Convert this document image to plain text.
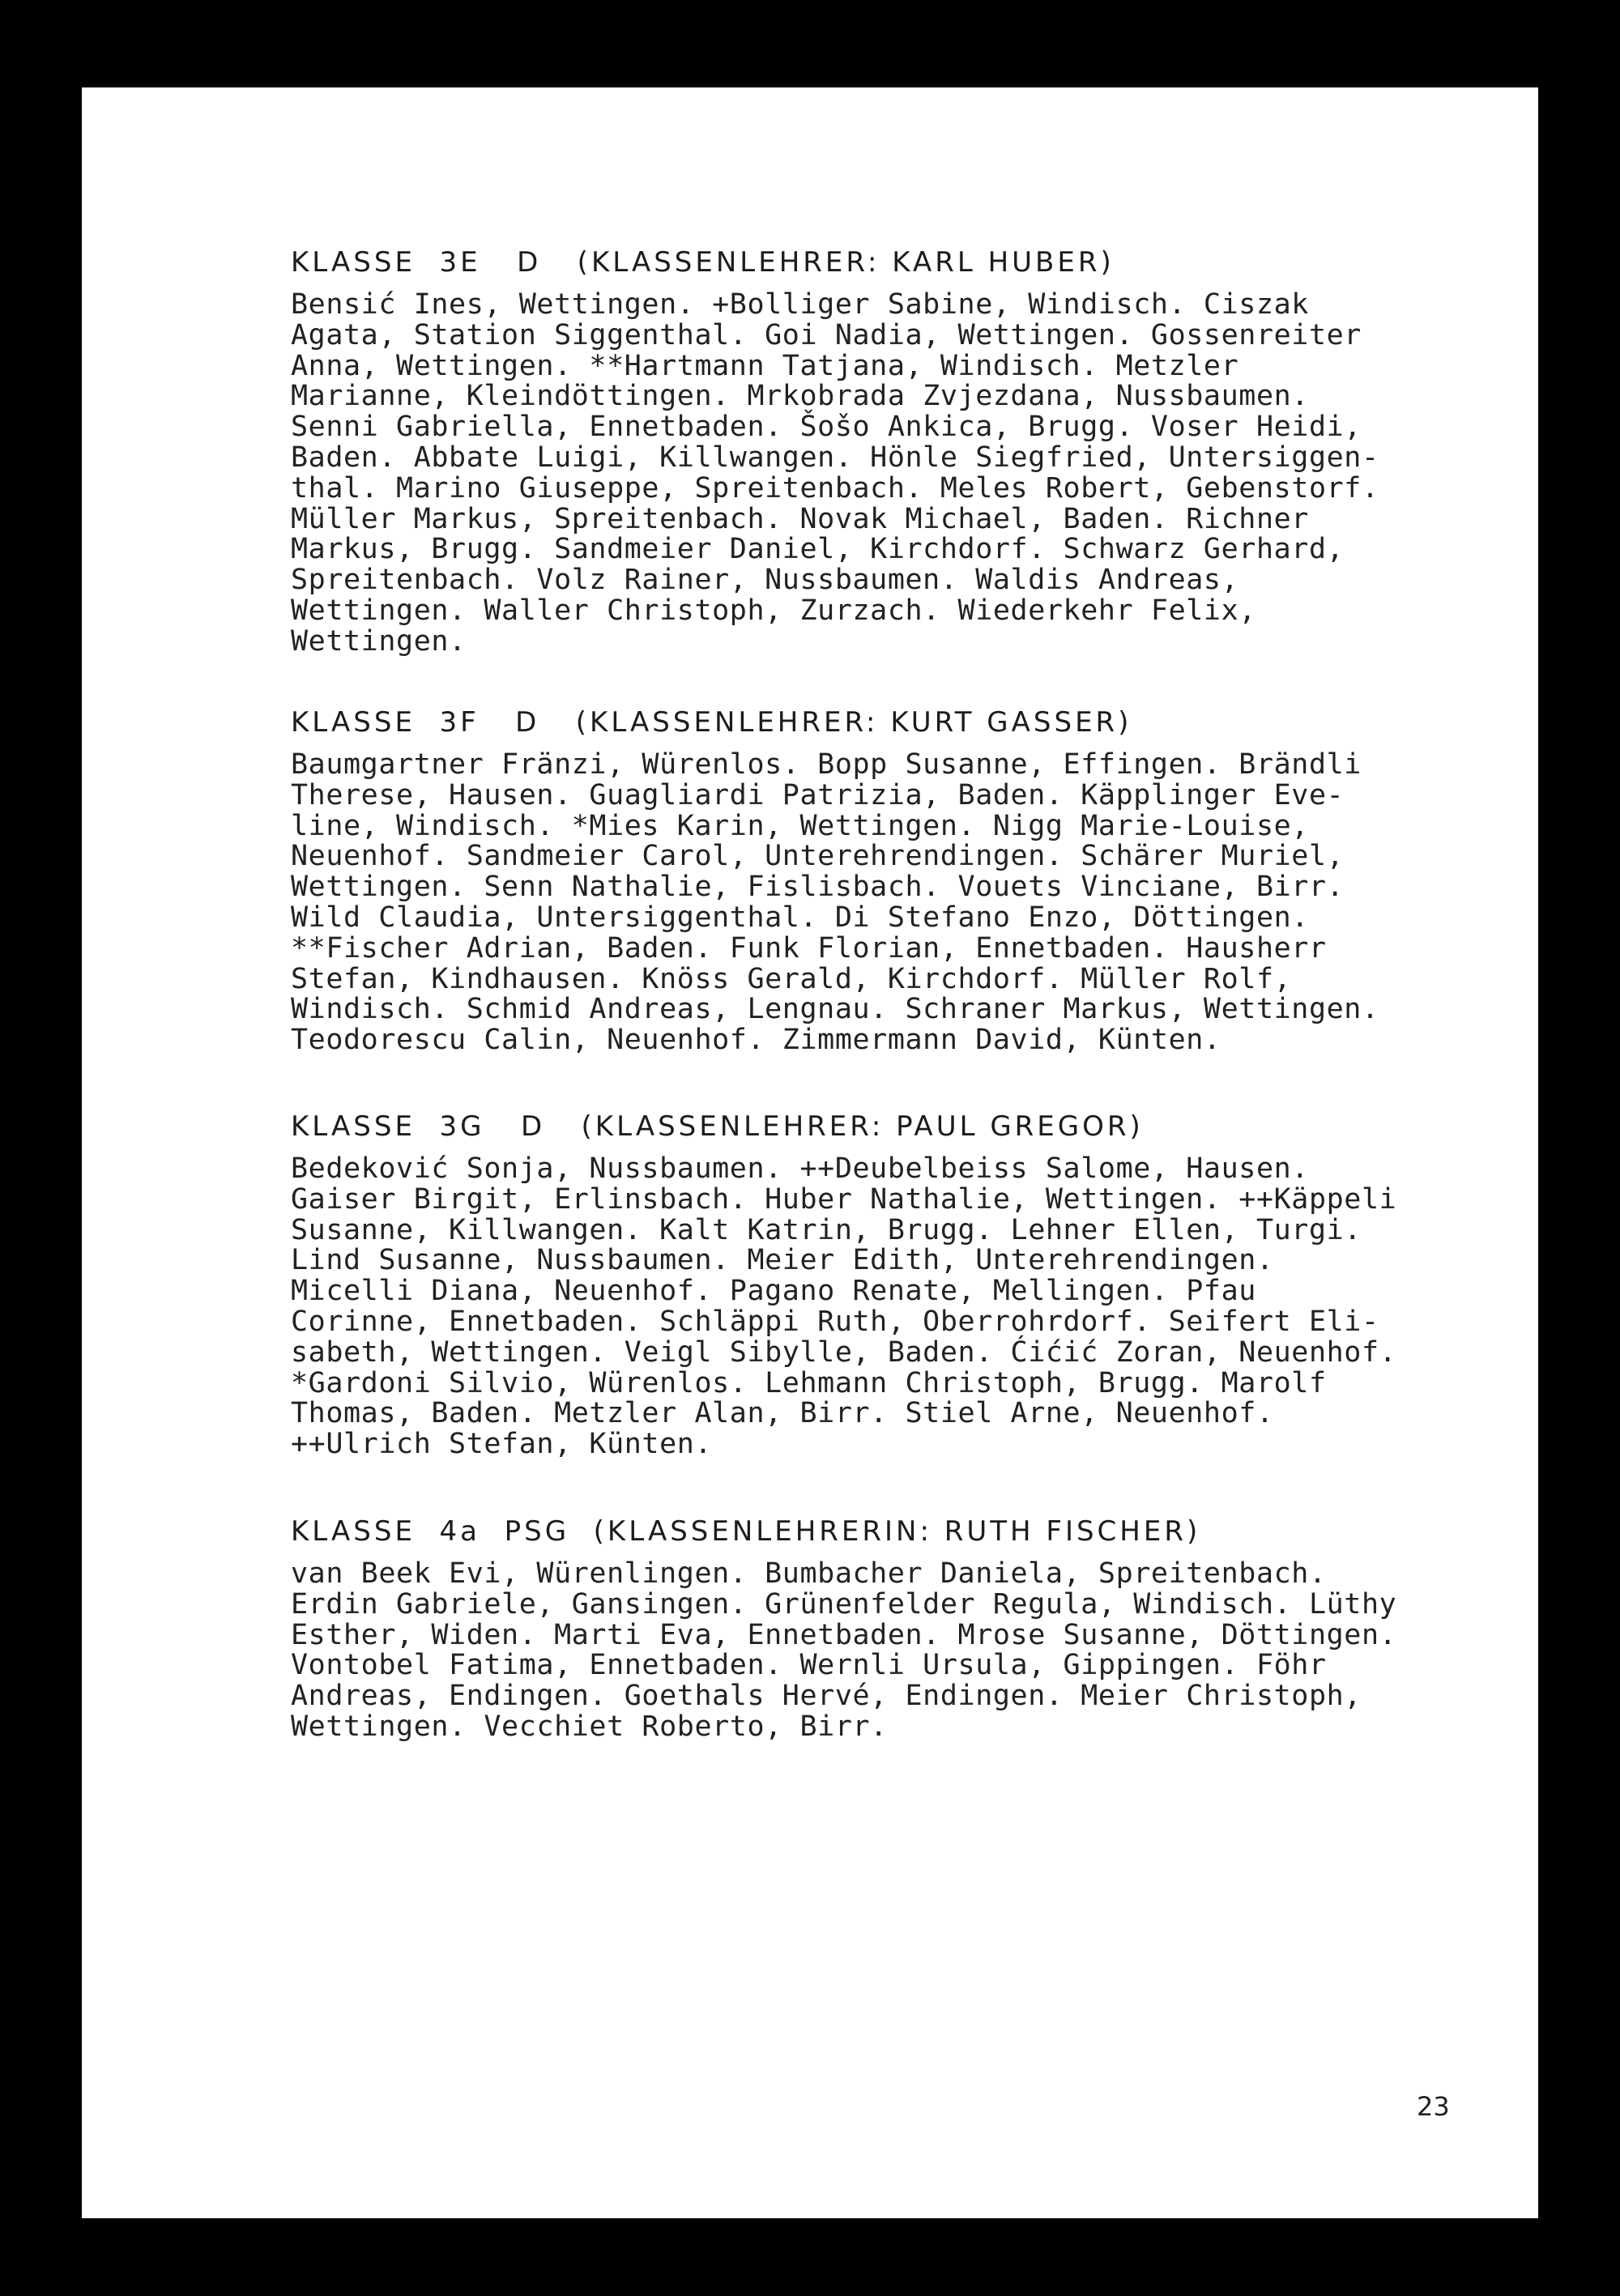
KLASSE  3E   D   (KLASSENLEHRER: KARL HUBER)
Bensić Ines, Wettingen. +Bolliger Sabine, Windisch. Ciszak
Agata, Station Siggenthal. Goi Nadia, Wettingen. Gossenreiter
Anna, Wettingen. **Hartmann Tatjana, Windisch. Metzler
Marianne, Kleindöttingen. Mrkobrada Zvjezdana, Nussbaumen.
Senni Gabriella, Ennetbaden. Šošo Ankica, Brugg. Voser Heidi,
Baden. Abbate Luigi, Killwangen. Hönle Siegfried, Untersiggen-
thal. Marino Giuseppe, Spreitenbach. Meles Robert, Gebenstorf.
Müller Markus, Spreitenbach. Novak Michael, Baden. Richner
Markus, Brugg. Sandmeier Daniel, Kirchdorf. Schwarz Gerhard,
Spreitenbach. Volz Rainer, Nussbaumen. Waldis Andreas,
Wettingen. Waller Christoph, Zurzach. Wiederkehr Felix,
Wettingen.
KLASSE  3F   D   (KLASSENLEHRER: KURT GASSER)
Baumgartner Fränzi, Würenlos. Bopp Susanne, Effingen. Brändli
Therese, Hausen. Guagliardi Patrizia, Baden. Käpplinger Eve-
line, Windisch. *Mies Karin, Wettingen. Nigg Marie-Louise,
Neuenhof. Sandmeier Carol, Unterehrendingen. Schärer Muriel,
Wettingen. Senn Nathalie, Fislisbach. Vouets Vinciane, Birr.
Wild Claudia, Untersiggenthal. Di Stefano Enzo, Döttingen.
**Fischer Adrian, Baden. Funk Florian, Ennetbaden. Hausherr
Stefan, Kindhausen. Knöss Gerald, Kirchdorf. Müller Rolf,
Windisch. Schmid Andreas, Lengnau. Schraner Markus, Wettingen.
Teodorescu Calin, Neuenhof. Zimmermann David, Künten.
KLASSE  3G   D   (KLASSENLEHRER: PAUL GREGOR)
Bedeković Sonja, Nussbaumen. ++Deubelbeiss Salome, Hausen.
Gaiser Birgit, Erlinsbach. Huber Nathalie, Wettingen. ++Käppeli
Susanne, Killwangen. Kalt Katrin, Brugg. Lehner Ellen, Turgi.
Lind Susanne, Nussbaumen. Meier Edith, Unterehrendingen.
Micelli Diana, Neuenhof. Pagano Renate, Mellingen. Pfau
Corinne, Ennetbaden. Schläppi Ruth, Oberrohrdorf. Seifert Eli-
sabeth, Wettingen. Veigl Sibylle, Baden. Ćićić Zoran, Neuenhof.
*Gardoni Silvio, Würenlos. Lehmann Christoph, Brugg. Marolf
Thomas, Baden. Metzler Alan, Birr. Stiel Arne, Neuenhof.
++Ulrich Stefan, Künten.
KLASSE  4a  PSG  (KLASSENLEHRERIN: RUTH FISCHER)
van Beek Evi, Würenlingen. Bumbacher Daniela, Spreitenbach.
Erdin Gabriele, Gansingen. Grünenfelder Regula, Windisch. Lüthy
Esther, Widen. Marti Eva, Ennetbaden. Mrose Susanne, Döttingen.
Vontobel Fatima, Ennetbaden. Wernli Ursula, Gippingen. Föhr
Andreas, Endingen. Goethals Hervé, Endingen. Meier Christoph,
Wettingen. Vecchiet Roberto, Birr.
23
